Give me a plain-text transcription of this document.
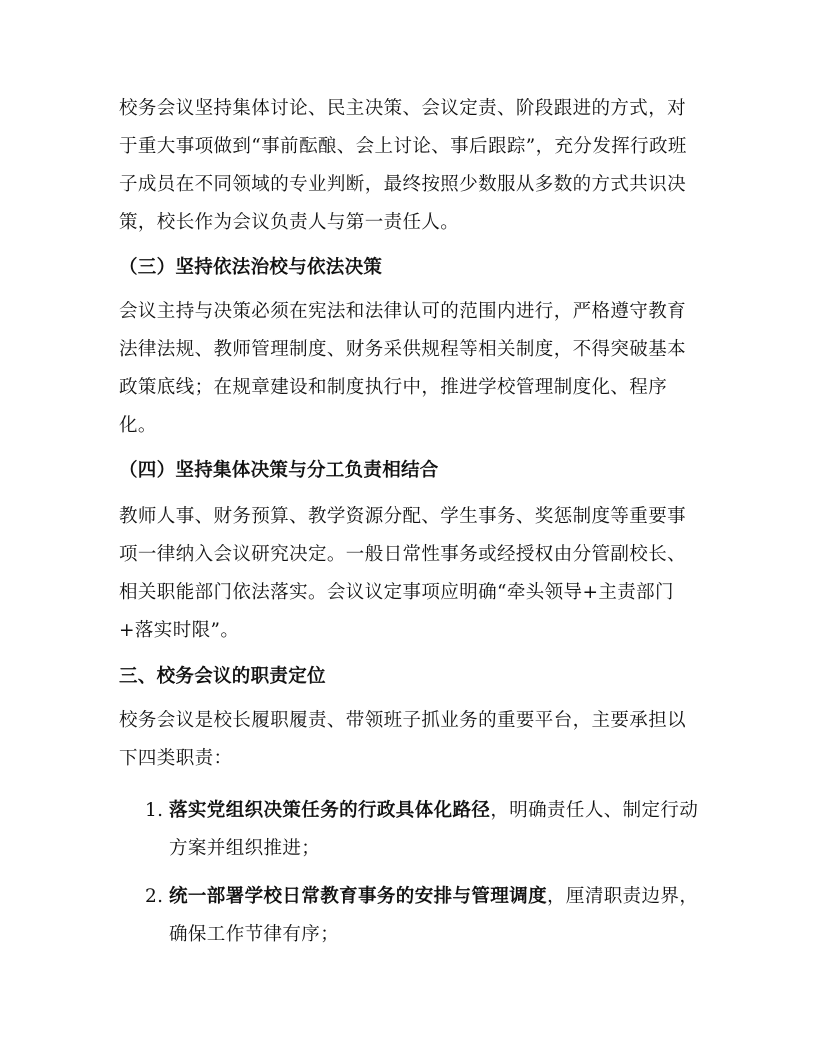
校务会议坚持集体讨论、民主决策、会议定责、阶段跟进的方式，对于重大事项做到“事前酝酿、会上讨论、事后跟踪”，充分发挥行政班子成员在不同领域的专业判断，最终按照少数服从多数的方式共识决策，校长作为会议负责人与第一责任人。

（三）坚持依法治校与依法决策

会议主持与决策必须在宪法和法律认可的范围内进行，严格遵守教育法律法规、教师管理制度、财务采供规程等相关制度，不得突破基本政策底线；在规章建设和制度执行中，推进学校管理制度化、程序化。

（四）坚持集体决策与分工负责相结合

教师人事、财务预算、教学资源分配、学生事务、奖惩制度等重要事项一律纳入会议研究决定。一般日常性事务或经授权由分管副校长、相关职能部门依法落实。会议议定事项应明确“牵头领导+主责部门+落实时限”。

三、校务会议的职责定位

校务会议是校长履职履责、带领班子抓业务的重要平台，主要承担以下四类职责：

1. 落实党组织决策任务的行政具体化路径，明确责任人、制定行动方案并组织推进；
2. 统一部署学校日常教育事务的安排与管理调度，厘清职责边界，确保工作节律有序；
